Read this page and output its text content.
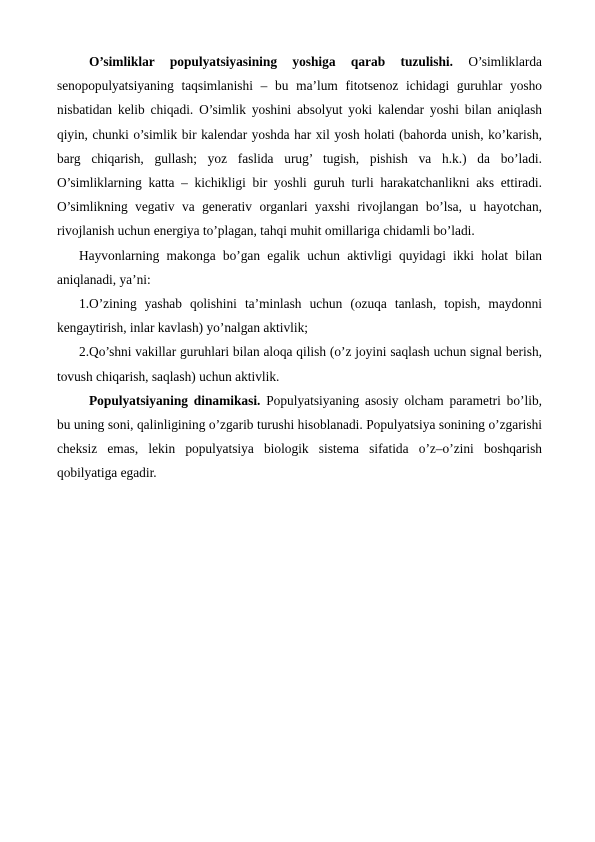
O’simliklar populyatsiyasining yoshiga qarab tuzulishi. O’simliklarda senopopulyatsiyaning taqsimlanishi – bu ma’lum fitotsenoz ichidagi guruhlar yosho nisbatidan kelib chiqadi. O’simlik yoshini absolyut yoki kalendar yoshi bilan aniqlash qiyin, chunki o’simlik bir kalendar yoshda har xil yosh holati (bahorda unish, ko’karish, barg chiqarish, gullash; yoz faslida urug’ tugish, pishish va h.k.) da bo’ladi. O’simliklarning katta – kichikligi bir yoshli guruh turli harakatchanlikni aks ettiradi. O’simlikning vegativ va generativ organlari yaxshi rivojlangan bo’lsa, u hayotchan, rivojlanish uchun energiya to’plagan, tahqi muhit omillariga chidamli bo’ladi.

Hayvonlarning makonga bo’gan egalik uchun aktivligi quyidagi ikki holat bilan aniqlanadi, ya’ni:

1.O’zining yashab qolishini ta’minlash uchun (ozuqa tanlash, topish, maydonni kengaytirish, inlar kavlash) yo’nalgan aktivlik;

2.Qo’shni vakillar guruhlari bilan aloqa qilish (o’z joyini saqlash uchun signal berish, tovush chiqarish, saqlash) uchun aktivlik.

Populyatsiyaning dinamikasi. Populyatsiyaning asosiy olcham parametri bo’lib, bu uning soni, qalinligining o’zgarib turushi hisoblanadi. Populyatsiya sonining o’zgarishi cheksiz emas, lekin populyatsiya biologik sistema sifatida o’z–o’zini boshqarish qobilyatiga egadir.
